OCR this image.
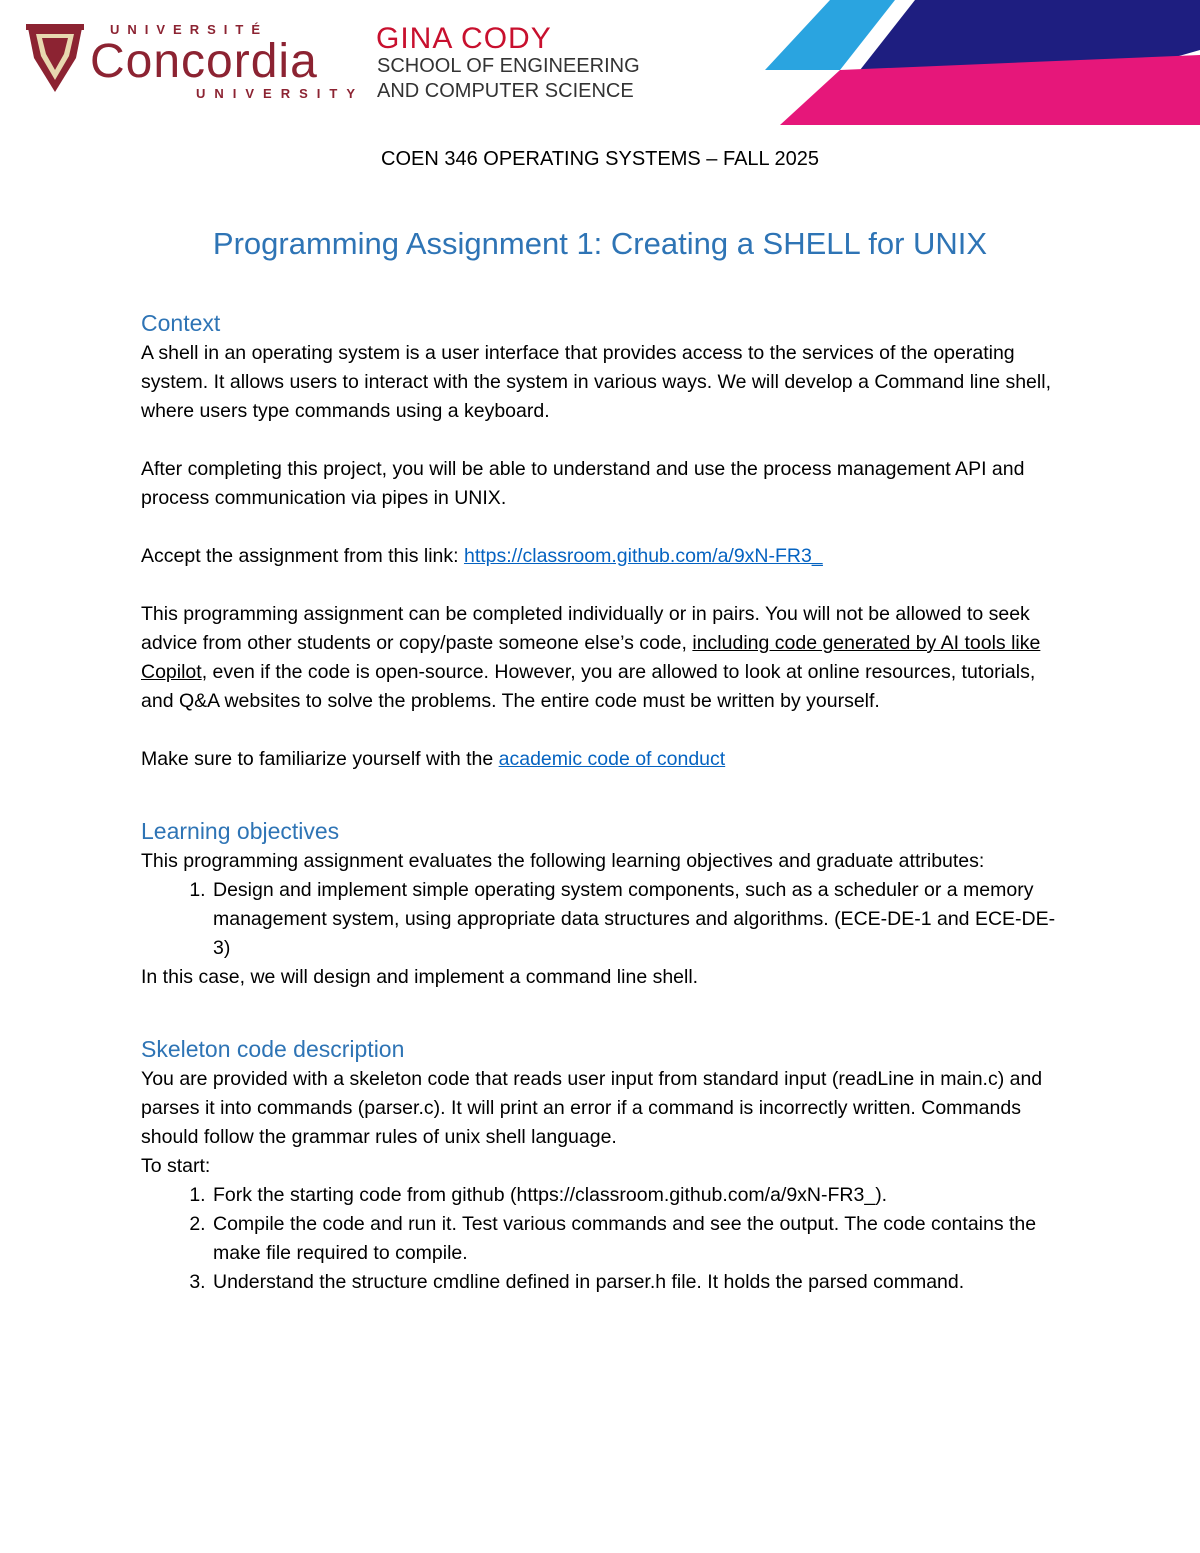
UNIVERSITÉ
Concordia
UNIVERSITY
GINA CODY
SCHOOL OF ENGINEERING
AND COMPUTER SCIENCE
COEN 346 OPERATING SYSTEMS – FALL 2025
Programming Assignment 1: Creating a SHELL for UNIX
Context

A shell in an operating system is a user interface that provides access to the services of the operating system. It allows users to interact with the system in various ways. We will develop a Command line shell, where users type commands using a keyboard.

After completing this project, you will be able to understand and use the process management API and process communication via pipes in UNIX.

Accept the assignment from this link: https://classroom.github.com/a/9xN-FR3_

This programming assignment can be completed individually or in pairs. You will not be allowed to seek advice from other students or copy/paste someone else’s code, including code generated by AI tools like Copilot, even if the code is open-source. However, you are allowed to look at online resources, tutorials, and Q&A websites to solve the problems. The entire code must be written by yourself.

Make sure to familiarize yourself with the academic code of conduct

Learning objectives

This programming assignment evaluates the following learning objectives and graduate attributes:

1. Design and implement simple operating system components, such as a scheduler or a memory management system, using appropriate data structures and algorithms. (ECE-DE-1 and ECE-DE-3)

In this case, we will design and implement a command line shell.

Skeleton code description

You are provided with a skeleton code that reads user input from standard input (readLine in main.c) and parses it into commands (parser.c). It will print an error if a command is incorrectly written. Commands should follow the grammar rules of unix shell language.

To start:

1. Fork the starting code from github (https://classroom.github.com/a/9xN-FR3_).
2. Compile the code and run it. Test various commands and see the output. The code contains the make file required to compile.
3. Understand the structure cmdline defined in parser.h file. It holds the parsed command.
